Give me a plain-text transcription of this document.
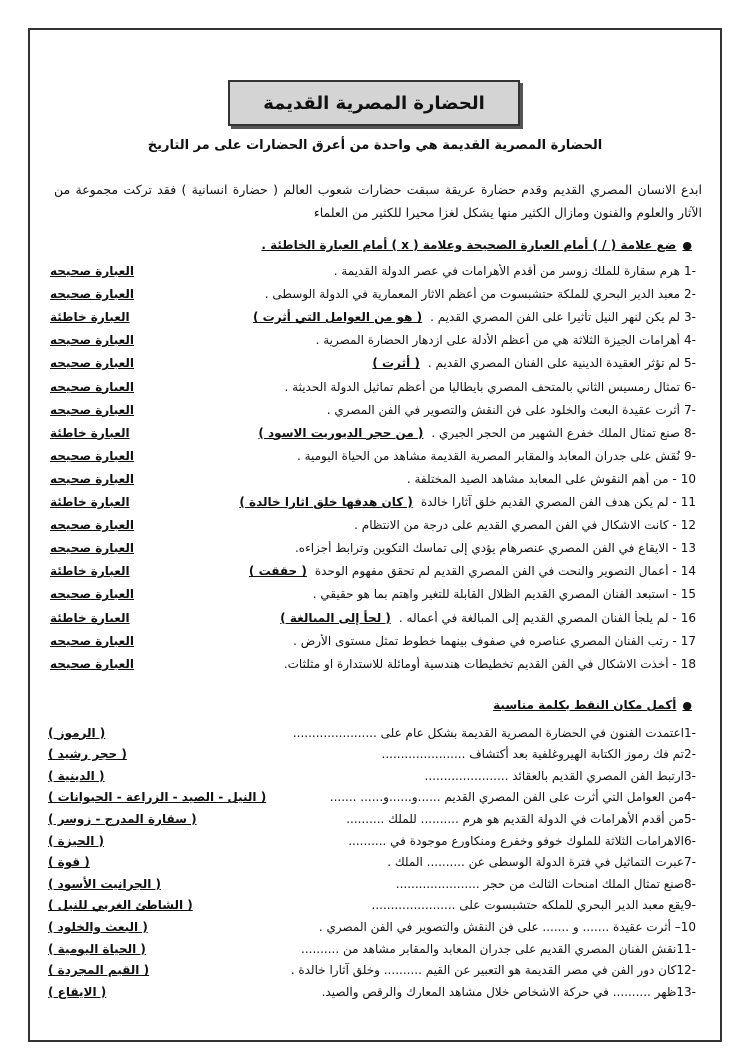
الحضارة المصرية القديمة
الحضارة المصرية القديمة هي واحدة من أعرق الحضارات على مر التاريخ
ابدع الانسان المصري القديم وقدم حضارة عريقة سبقت حضارات شعوب العالم ( حضارة انسانية ) فقد تركت مجموعة من الآثار والعلوم والفنون ومازال الكثير منها يشكل لغزا محيرا للكثير من العلماء
●
ضع علامة ( / ) أمام العبارة الصحيحة وعلامة ( x ) أمام العبارة الخاطئة .
-1
هرم سقارة للملك زوسر من أقدم الأهرامات في عصر الدولة القديمة .
العبارة صحيحه
-2
معبد الدير البحري للملكة حتشبسوت من أعظم الاثار المعمارية في الدولة الوسطى .
العبارة صحيحه
-3
لم يكن لنهر النيل تأثيرا على الفن المصري القديم .
( هو من العوامل التي أثرت )
العبارة خاطئة
-4
أهرامات الجيزة الثلاثة هي من أعظم الأدلة على ازدهار الحضارة المصرية .
العبارة صحيحه
-5
لم تؤثر العقيدة الدينية على الفنان المصري القديم .
( أثرت )
العبارة صحيحه
-6
تمثال رمسيس الثاني بالمتحف المصري بايطاليا من أعظم تماثيل الدولة الحديثة .
العبارة صحيحه
-7
أثرت عقيدة البعث والخلود على فن النقش والتصوير في الفن المصري .
العبارة صحيحه
-8
صنع تمثال الملك خفرع الشهير من الحجر الجيري .
( من حجر الديوريت الاسود )
العبارة خاطئة
-9
نُقش على جدران المعابد والمقابر المصرية القديمة مشاهد من الحياة اليومية .
العبارة صحيحه
10
- من أهم النقوش على المعابد مشاهد الصيد المختلفة .
العبارة صحيحه
11
- لم يكن هدف الفن المصري القديم خلق آثارا خالدة
( كان هدفها خلق اثارا خالدة )
العبارة خاطئة
12
- كانت الاشكال في الفن المصري القديم على درجة من الانتظام .
العبارة صحيحه
13
- الايقاع في الفن المصري عنصرهام يؤدي إلى تماسك التكوين وترابط أجزاءه.
العبارة صحيحه
14
- أعمال التصوير والنحت في الفن المصري القديم لم تحقق مفهوم الوحدة
( حققت )
العبارة خاطئة
15
- استبعد الفنان المصري القديم الظلال القابلة للتغير واهتم بما هو حقيقي .
العبارة صحيحه
16
- لم يلجأ الفنان المصري القديم إلى المبالغة في أعماله .
( لجأ إلى المبالغة )
العبارة خاطئة
17
- رتب الفنان المصري عناصره في صفوف بينهما خطوط تمثل مستوى الأرض .
العبارة صحيحه
18
- أخذت الاشكال في الفن القديم تخطيطات هندسية أومائلة للاستدارة او مثلثات.
العبارة صحيحه
●
أكمل مكان النقط بكلمة مناسبة
-1
اعتمدت الفنون في الحضارة المصرية القديمة بشكل عام على ......................
( الرموز )
-2
تم فك رموز الكتابة الهيروغلفية بعد أكتشاف ......................
( حجر رشيد )
-3
ارتبط الفن المصري القديم بالعقائد ......................
( الدينية )
-4
من العوامل التي أثرت على الفن المصري القديم ......و......و...... .......
( النيل - الصيد - الزراعة - الحيوانات )
-5
من أقدم الأهرامات في الدولة القديم هو هرم .......... للملك ..........
( سقارة المدرج - زوسر )
-6
الاهرامات الثلاثة للملوك خوفو وخفرع ومنكاورع موجودة في ..........
( الجيزة )
-7
عبرت التماثيل في فترة الدولة الوسطى عن .......... الملك .
( قوة )
-8
صنع تمثال الملك امنحات الثالث من حجر ......................
( الجرانيت الأسود )
-9
يقع معبد الدير البحري للملكه حتشبسوت على ......................
( الشاطئ الغربي للنيل )
10
– أثرت عقيدة ....... و ....... على فن النقش والتصوير في الفن المصري .
( البعث والخلود )
-11
نقش الفنان المصري القديم على جدران المعابد والمقابر مشاهد من ..........
( الحياة اليومية )
-12
كان دور الفن في مصر القديمة هو التعبير عن القيم .......... وخلق آثارا خالدة .
( القيم المجردة )
-13
ظهر .......... في حركة الاشخاص خلال مشاهد المعارك والرقص والصيد.
( الايقاع )
